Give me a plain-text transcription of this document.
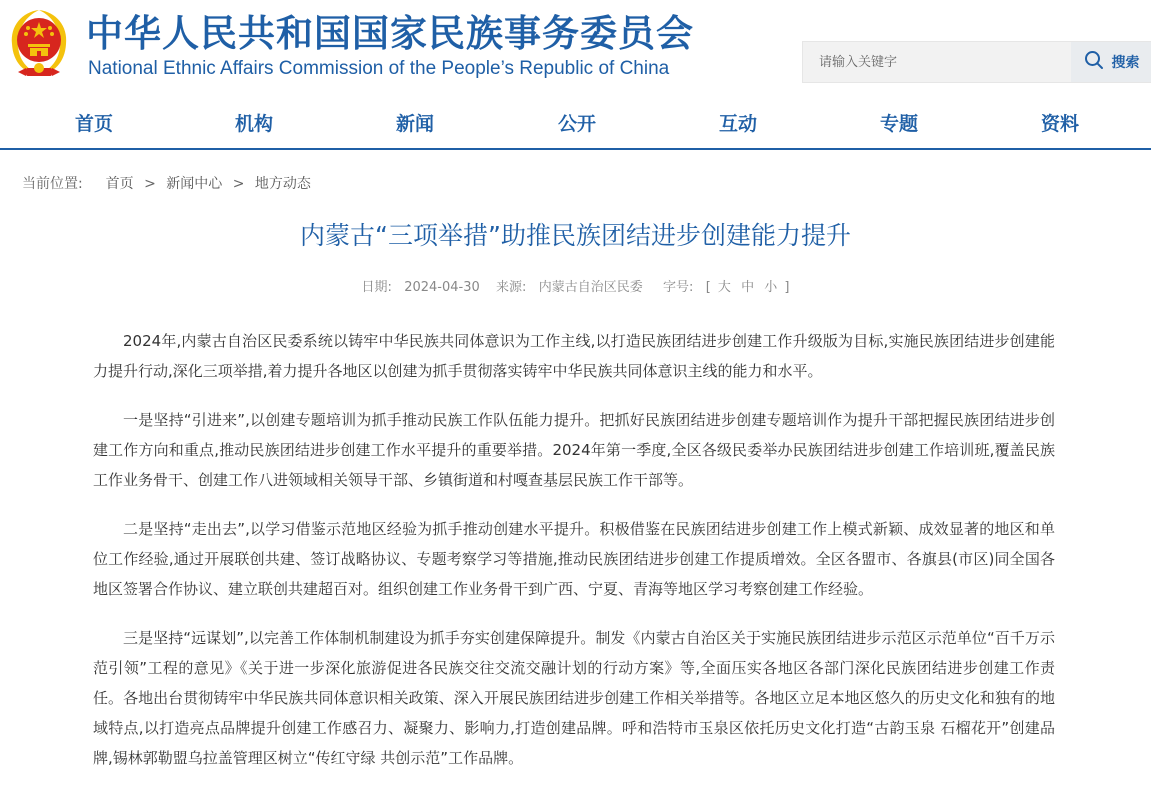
中华人民共和国国家民族事务委员会
National Ethnic Affairs Commission of the People’s Republic of China
请输入关键字	搜索
首页	机构	新闻	公开	互动	专题	资料
当前位置: 首页 > 新闻中心 > 地方动态
内蒙古“三项举措”助推民族团结进步创建能力提升
日期: 2024-04-30 来源: 内蒙古自治区民委 字号: [ 大 中 小 ]

2024年,内蒙古自治区民委系统以铸牢中华民族共同体意识为工作主线,以打造民族团结进步创建工作升级版为目标,实施民族团结进步创建能力提升行动,深化三项举措,着力提升各地区以创建为抓手贯彻落实铸牢中华民族共同体意识主线的能力和水平。

一是坚持“引进来”,以创建专题培训为抓手推动民族工作队伍能力提升。把抓好民族团结进步创建专题培训作为提升干部把握民族团结进步创建工作方向和重点,推动民族团结进步创建工作水平提升的重要举措。2024年第一季度,全区各级民委举办民族团结进步创建工作培训班,覆盖民族工作业务骨干、创建工作八进领域相关领导干部、乡镇街道和村嘎查基层民族工作干部等。

二是坚持“走出去”,以学习借鉴示范地区经验为抓手推动创建水平提升。积极借鉴在民族团结进步创建工作上模式新颖、成效显著的地区和单位工作经验,通过开展联创共建、签订战略协议、专题考察学习等措施,推动民族团结进步创建工作提质增效。全区各盟市、各旗县(市区)同全国各地区签署合作协议、建立联创共建超百对。组织创建工作业务骨干到广西、宁夏、青海等地区学习考察创建工作经验。

三是坚持“远谋划”,以完善工作体制机制建设为抓手夯实创建保障提升。制发《内蒙古自治区关于实施民族团结进步示范区示范单位“百千万示范引领”工程的意见》《关于进一步深化旅游促进各民族交往交流交融计划的行动方案》等,全面压实各地区各部门深化民族团结进步创建工作责任。各地出台贯彻铸牢中华民族共同体意识相关政策、深入开展民族团结进步创建工作相关举措等。各地区立足本地区悠久的历史文化和独有的地域特点,以打造亮点品牌提升创建工作感召力、凝聚力、影响力,打造创建品牌。呼和浩特市玉泉区依托历史文化打造“古韵玉泉 石榴花开”创建品牌,锡林郭勒盟乌拉盖管理区树立“传红守绿 共创示范”工作品牌。
